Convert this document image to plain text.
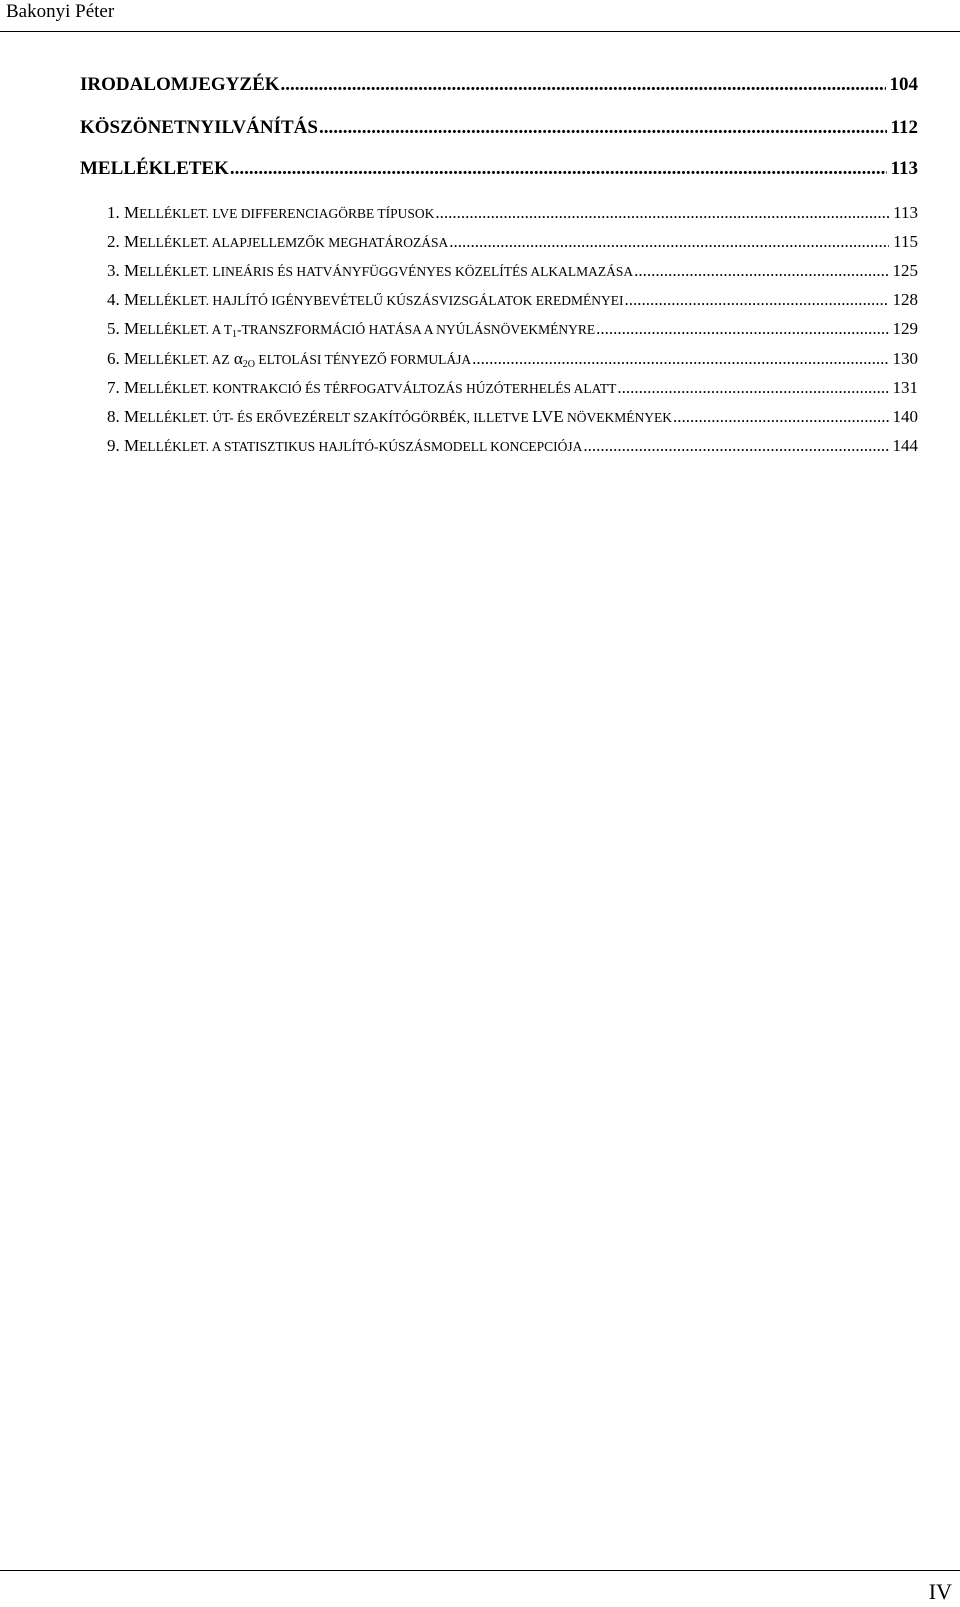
Bakonyi Péter
IRODALOMJEGYZÉK .....	104
KÖSZÖNETNYILVÁNÍTÁS .....	112
MELLÉKLETEK .....	113
1. MELLÉKLET. LVE DIFFERENCIAGÖRBE TÍPUSOK .....	113
2. MELLÉKLET. ALAPJELLEMZŐK MEGHATÁROZÁSA .....	115
3. MELLÉKLET. LINEÁRIS ÉS HATVÁNYFÜGGVÉNYES KÖZELÍTÉS ALKALMAZÁSA .....	125
4. MELLÉKLET. HAJLÍTÓ IGÉNYBEVÉTELŰ KÚSZÁSVIZSGÁLATOK EREDMÉNYEI .....	128
5. MELLÉKLET. A $T_1$-TRANSZFORMÁCIÓ HATÁSA A NYÚLÁSNÖVEKMÉNYRE .....	129
6. MELLÉKLET. AZ $\alpha_{2O}$ ELTOLÁSI TÉNYEZŐ FORMULÁJA .....	130
7. MELLÉKLET. KONTRAKCIÓ ÉS TÉRFOGATVÁLTOZÁS HÚZÓTERHELÉS ALATT .....	131
8. MELLÉKLET. ÚT- ÉS ERŐVEZÉRELT SZAKÍTÓGÖRBÉK, ILLETVE LVE NÖVEKMÉNYEK .....	140
9. MELLÉKLET. A STATISZTIKUS HAJLÍTÓ-KÚSZÁSMODELL KONCEPCIÓJA .....	144
IV
